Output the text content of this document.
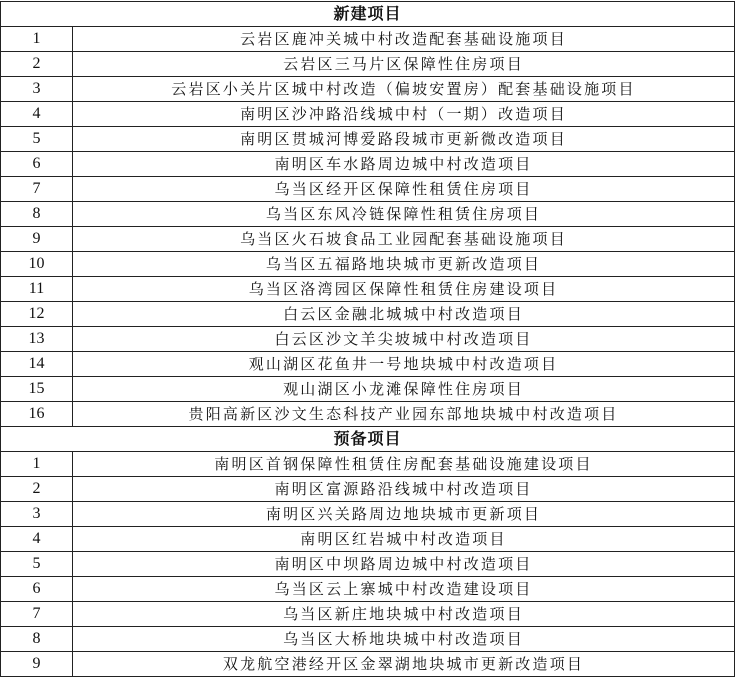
新建项目	
1	云岩区鹿冲关城中村改造配套基础设施项目
2	云岩区三马片区保障性住房项目
3	云岩区小关片区城中村改造（偏坡安置房）配套基础设施项目
4	南明区沙冲路沿线城中村（一期）改造项目
5	南明区贯城河博爱路段城市更新微改造项目
6	南明区车水路周边城中村改造项目
7	乌当区经开区保障性租赁住房项目
8	乌当区东风冷链保障性租赁住房项目
9	乌当区火石坡食品工业园配套基础设施项目
10	乌当区五福路地块城市更新改造项目
11	乌当区洛湾园区保障性租赁住房建设项目
12	白云区金融北城城中村改造项目
13	白云区沙文羊尖坡城中村改造项目
14	观山湖区花鱼井一号地块城中村改造项目
15	观山湖区小龙滩保障性住房项目
16	贵阳高新区沙文生态科技产业园东部地块城中村改造项目
预备项目	
1	南明区首钢保障性租赁住房配套基础设施建设项目
2	南明区富源路沿线城中村改造项目
3	南明区兴关路周边地块城市更新项目
4	南明区红岩城中村改造项目
5	南明区中坝路周边城中村改造项目
6	乌当区云上寨城中村改造建设项目
7	乌当区新庄地块城中村改造项目
8	乌当区大桥地块城中村改造项目
9	双龙航空港经开区金翠湖地块城市更新改造项目
